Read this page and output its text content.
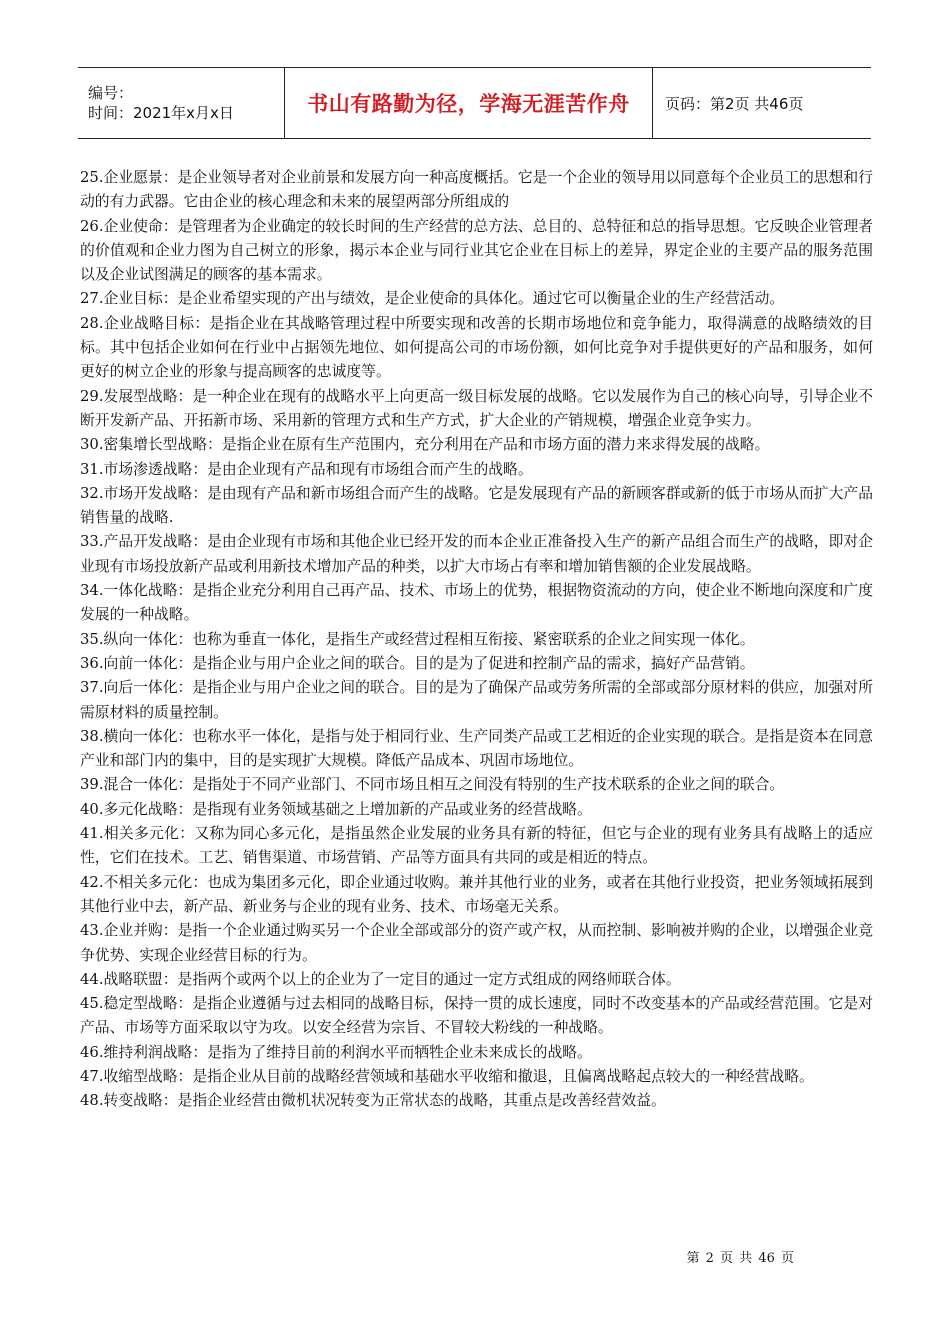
编号：
时间：2021年x月x日	书山有路勤为径，学海无涯苦作舟 页码：第2页 共46页

25.企业愿景：是企业领导者对企业前景和发展方向一种高度概括。它是一个企业的领导用以同意每个企业员工的思想和行动的有力武器。它由企业的核心理念和未来的展望两部分所组成的

26.企业使命：是管理者为企业确定的较长时间的生产经营的总方法、总目的、总特征和总的指导思想。它反映企业管理者的价值观和企业力图为自己树立的形象，揭示本企业与同行业其它企业在目标上的差异，界定企业的主要产品的服务范围以及企业试图满足的顾客的基本需求。

27.企业目标：是企业希望实现的产出与绩效，是企业使命的具体化。通过它可以衡量企业的生产经营活动。

28.企业战略目标：是指企业在其战略管理过程中所要实现和改善的长期市场地位和竞争能力，取得满意的战略绩效的目标。其中包括企业如何在行业中占据领先地位、如何提高公司的市场份额，如何比竞争对手提供更好的产品和服务，如何更好的树立企业的形象与提高顾客的忠诚度等。

29.发展型战略：是一种企业在现有的战略水平上向更高一级目标发展的战略。它以发展作为自己的核心向导，引导企业不断开发新产品、开拓新市场、采用新的管理方式和生产方式，扩大企业的产销规模，增强企业竞争实力。

30.密集增长型战略：是指企业在原有生产范围内，充分利用在产品和市场方面的潜力来求得发展的战略。

31.市场渗透战略：是由企业现有产品和现有市场组合而产生的战略。

32.市场开发战略：是由现有产品和新市场组合而产生的战略。它是发展现有产品的新顾客群或新的低于市场从而扩大产品销售量的战略.

33.产品开发战略：是由企业现有市场和其他企业已经开发的而本企业正准备投入生产的新产品组合而生产的战略，即对企业现有市场投放新产品或利用新技术增加产品的种类，以扩大市场占有率和增加销售额的企业发展战略。

34.一体化战略：是指企业充分利用自己再产品、技术、市场上的优势，根据物资流动的方向，使企业不断地向深度和广度发展的一种战略。

35.纵向一体化：也称为垂直一体化，是指生产或经营过程相互衔接、紧密联系的企业之间实现一体化。

36.向前一体化：是指企业与用户企业之间的联合。目的是为了促进和控制产品的需求，搞好产品营销。

37.向后一体化：是指企业与用户企业之间的联合。目的是为了确保产品或劳务所需的全部或部分原材料的供应，加强对所需原材料的质量控制。

38.横向一体化：也称水平一体化，是指与处于相同行业、生产同类产品或工艺相近的企业实现的联合。是指是资本在同意产业和部门内的集中，目的是实现扩大规模。降低产品成本、巩固市场地位。

39.混合一体化：是指处于不同产业部门、不同市场且相互之间没有特别的生产技术联系的企业之间的联合。

40.多元化战略：是指现有业务领域基础之上增加新的产品或业务的经营战略。

41.相关多元化：又称为同心多元化，是指虽然企业发展的业务具有新的特征，但它与企业的现有业务具有战略上的适应性，它们在技术。工艺、销售渠道、市场营销、产品等方面具有共同的或是相近的特点。

42.不相关多元化：也成为集团多元化，即企业通过收购。兼并其他行业的业务，或者在其他行业投资，把业务领域拓展到其他行业中去，新产品、新业务与企业的现有业务、技术、市场毫无关系。

43.企业并购：是指一个企业通过购买另一个企业全部或部分的资产或产权，从而控制、影响被并购的企业，以增强企业竞争优势、实现企业经营目标的行为。

44.战略联盟：是指两个或两个以上的企业为了一定目的通过一定方式组成的网络师联合体。

45.稳定型战略：是指企业遵循与过去相同的战略目标，保持一贯的成长速度，同时不改变基本的产品或经营范围。它是对产品、市场等方面采取以守为攻。以安全经营为宗旨、不冒较大粉线的一种战略。

46.维持利润战略：是指为了维持目前的利润水平而牺牲企业未来成长的战略。

47.收缩型战略：是指企业从目前的战略经营领域和基础水平收缩和撤退，且偏离战略起点较大的一种经营战略。

48.转变战略：是指企业经营由微机状况转变为正常状态的战略，其重点是改善经营效益。

第 2 页 共 46 页
